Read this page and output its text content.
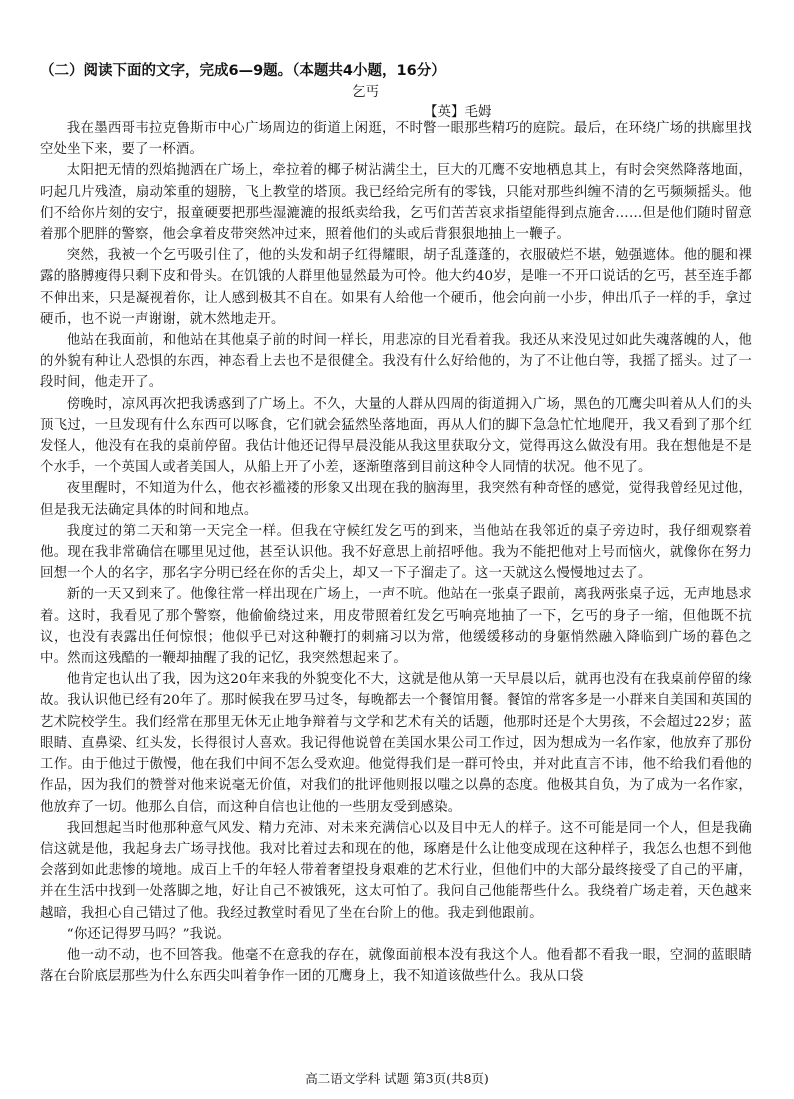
（二）阅读下面的文字，完成6—9题。（本题共4小题，16分）
乞丐
【英】毛姆

我在墨西哥韦拉克鲁斯市中心广场周边的街道上闲逛，不时瞥一眼那些精巧的庭院。最后，在环绕广场的拱廊里找空处坐下来，要了一杯酒。

太阳把无情的烈焰抛洒在广场上，牵拉着的椰子树沾满尘土，巨大的兀鹰不安地栖息其上，有时会突然降落地面，叼起几片残渣，扇动笨重的翅膀，飞上教堂的塔顶。我已经给完所有的零钱，只能对那些纠缠不清的乞丐频频摇头。他们不给你片刻的安宁，报童硬要把那些湿漉漉的报纸卖给我，乞丐们苦苦哀求指望能得到点施舍……但是他们随时留意着那个肥胖的警察，他会拿着皮带突然冲过来，照着他们的头或后背狠狠地抽上一鞭子。

突然，我被一个乞丐吸引住了，他的头发和胡子红得耀眼，胡子乱蓬蓬的，衣服破烂不堪，勉强遮体。他的腿和裸露的胳膊瘦得只剩下皮和骨头。在饥饿的人群里他显然最为可怜。他大约40岁，是唯一不开口说话的乞丐，甚至连手都不伸出来，只是凝视着你，让人感到极其不自在。如果有人给他一个硬币，他会向前一小步，伸出爪子一样的手，拿过硬币，也不说一声谢谢，就木然地走开。

他站在我面前，和他站在其他桌子前的时间一样长，用悲凉的目光看着我。我还从来没见过如此失魂落魄的人，他的外貌有种让人恐惧的东西，神态看上去也不是很健全。我没有什么好给他的，为了不让他白等，我摇了摇头。过了一段时间，他走开了。

傍晚时，凉风再次把我诱惑到了广场上。不久，大量的人群从四周的街道拥入广场，黑色的兀鹰尖叫着从人们的头顶飞过，一旦发现有什么东西可以啄食，它们就会猛然坠落地面，再从人们的脚下急急忙忙地爬开，我又看到了那个红发怪人，他没有在我的桌前停留。我估计他还记得早晨没能从我这里获取分文，觉得再这么做没有用。我在想他是不是个水手，一个英国人或者美国人，从船上开了小差，逐渐堕落到目前这种令人同情的状况。他不见了。

夜里醒时，不知道为什么，他衣衫褴褛的形象又出现在我的脑海里，我突然有种奇怪的感觉，觉得我曾经见过他，但是我无法确定具体的时间和地点。

我度过的第二天和第一天完全一样。但我在守候红发乞丐的到来，当他站在我邻近的桌子旁边时，我仔细观察着他。现在我非常确信在哪里见过他，甚至认识他。我不好意思上前招呼他。我为不能把他对上号而恼火，就像你在努力回想一个人的名字，那名字分明已经在你的舌尖上，却又一下子溜走了。这一天就这么慢慢地过去了。

新的一天又到来了。他像往常一样出现在广场上，一声不吭。他站在一张桌子跟前，离我两张桌子远，无声地恳求着。这时，我看见了那个警察，他偷偷绕过来，用皮带照着红发乞丐响亮地抽了一下，乞丐的身子一缩，但他既不抗议，也没有表露出任何惊恨；他似乎已对这种鞭打的刺痛习以为常，他缓缓移动的身躯悄然融入降临到广场的暮色之中。然而这残酷的一鞭却抽醒了我的记忆，我突然想起来了。

他肯定也认出了我，因为这20年来我的外貌变化不大，这就是他从第一天早晨以后，就再也没有在我桌前停留的缘故。我认识他已经有20年了。那时候我在罗马过冬，每晚都去一个餐馆用餐。餐馆的常客多是一小群来自美国和英国的艺术院校学生。我们经常在那里无休无止地争辩着与文学和艺术有关的话题，他那时还是个大男孩，不会超过22岁；蓝眼睛、直鼻梁、红头发，长得很讨人喜欢。我记得他说曾在美国水果公司工作过，因为想成为一名作家，他放弃了那份工作。由于他过于傲慢，他在我们中间不怎么受欢迎。他觉得我们是一群可怜虫，并对此直言不讳，他不给我们看他的作品，因为我们的赞誉对他来说毫无价值，对我们的批评他则报以嗤之以鼻的态度。他极其自负，为了成为一名作家，他放弃了一切。他那么自信，而这种自信也让他的一些朋友受到感染。

我回想起当时他那种意气风发、精力充沛、对未来充满信心以及目中无人的样子。这不可能是同一个人，但是我确信这就是他，我起身去广场寻找他。我对比着过去和现在的他，琢磨是什么让他变成现在这种样子，我怎么也想不到他会落到如此悲惨的境地。成百上千的年轻人带着奢望投身艰难的艺术行业，但他们中的大部分最终接受了自己的平庸，并在生活中找到一处落脚之地，好让自己不被饿死，这太可怕了。我问自己他能帮些什么。我绕着广场走着，天色越来越暗，我担心自己错过了他。我经过教堂时看见了坐在台阶上的他。我走到他跟前。

“你还记得罗马吗？”我说。

他一动不动，也不回答我。他毫不在意我的存在，就像面前根本没有我这个人。他看都不看我一眼，空洞的蓝眼睛落在台阶底层那些为什么东西尖叫着争作一团的兀鹰身上，我不知道该做些什么。我从口袋

高二语文学科 试题 第3页(共8页)
